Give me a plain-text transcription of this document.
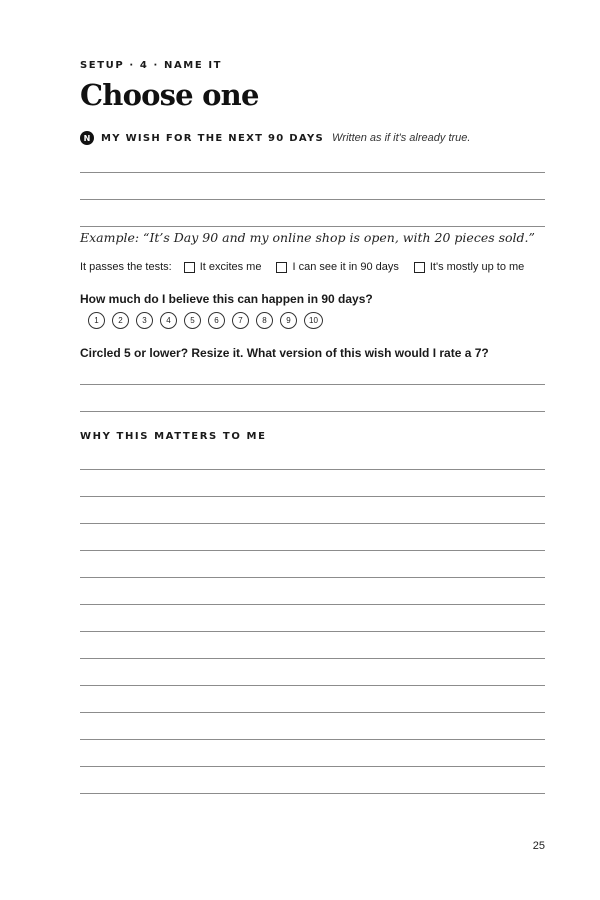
SETUP · 4 · NAME IT
Choose one
N	MY WISH FOR THE NEXT 90 DAYS Written as if it's already true.
Example: “It’s Day 90 and my online shop is open, with 20 pieces sold.”
It passes the tests:	It excites me	I can see it in 90 days	It's mostly up to me
How much do I believe this can happen in 90 days?
1	2	3	4	5	6	7	8	9	10
Circled 5 or lower? Resize it. What version of this wish would I rate a 7?
WHY THIS MATTERS TO ME
25
